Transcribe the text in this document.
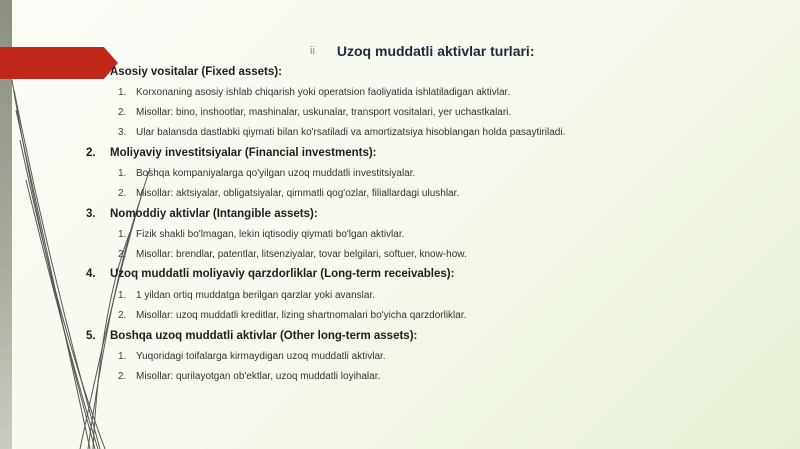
ii Uzoq muddatli aktivlar turlari:
Asosiy vositalar (Fixed assets):
1. Korxonaning asosiy ishlab chiqarish yoki operatsion faoliyatida ishlatiladigan aktivlar.
2. Misollar: bino, inshootlar, mashinalar, uskunalar, transport vositalari, yer uchastkalari.
3. Ular balansda dastlabki qiymati bilan ko'rsatiladi va amortizatsiya hisoblangan holda pasaytiriladi.
2.	Moliyaviy investitsiyalar (Financial investments):
1. Boshqa kompaniyalarga qo'yilgan uzoq muddatli investitsiyalar.
2. Misollar: aktsiyalar, obligatsiyalar, qimmatli qog'ozlar, filiallardagi ulushlar.
3.	Nomoddiy aktivlar (Intangible assets):
1. Fizik shakli bo'lmagan, lekin iqtisodiy qiymati bo'lgan aktivlar.
2. Misollar: brendlar, patentlar, litsenziyalar, tovar belgilari, softuer, know-how.
4.	Uzoq muddatli moliyaviy qarzdorliklar (Long-term receivables):
1. 1 yildan ortiq muddatga berilgan qarzlar yoki avanslar.
2. Misollar: uzoq muddatli kreditlar, lizing shartnomalari bo'yicha qarzdorliklar.
5.	Boshqa uzoq muddatli aktivlar (Other long-term assets):
1. Yuqoridagi toifalarga kirmaydigan uzoq muddatli aktivlar.
2. Misollar: qurilayotgan ob'ektlar, uzoq muddatli loyihalar.
